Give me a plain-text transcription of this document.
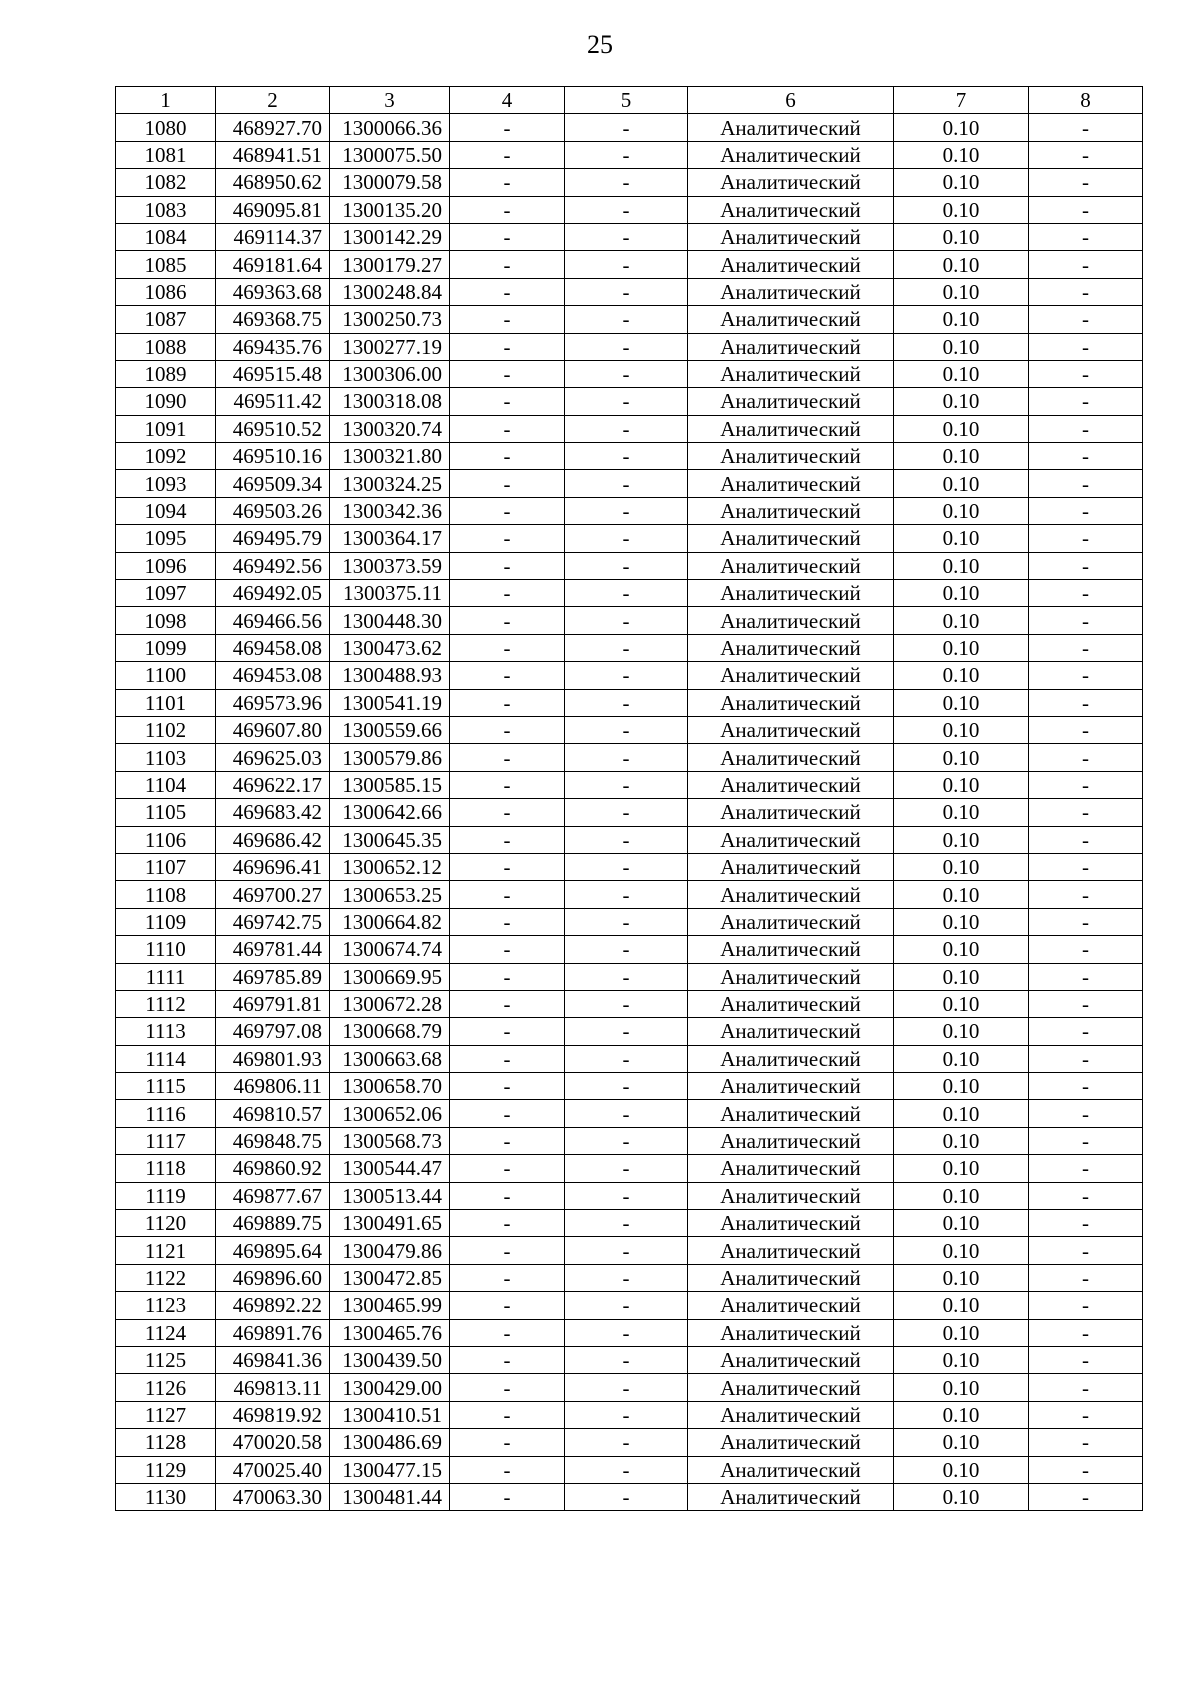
25
1	2	3	4	5	6	7	8
1080	468927.70	1300066.36	-	-	Аналитический	0.10	-
1081	468941.51	1300075.50	-	-	Аналитический	0.10	-
1082	468950.62	1300079.58	-	-	Аналитический	0.10	-
1083	469095.81	1300135.20	-	-	Аналитический	0.10	-
1084	469114.37	1300142.29	-	-	Аналитический	0.10	-
1085	469181.64	1300179.27	-	-	Аналитический	0.10	-
1086	469363.68	1300248.84	-	-	Аналитический	0.10	-
1087	469368.75	1300250.73	-	-	Аналитический	0.10	-
1088	469435.76	1300277.19	-	-	Аналитический	0.10	-
1089	469515.48	1300306.00	-	-	Аналитический	0.10	-
1090	469511.42	1300318.08	-	-	Аналитический	0.10	-
1091	469510.52	1300320.74	-	-	Аналитический	0.10	-
1092	469510.16	1300321.80	-	-	Аналитический	0.10	-
1093	469509.34	1300324.25	-	-	Аналитический	0.10	-
1094	469503.26	1300342.36	-	-	Аналитический	0.10	-
1095	469495.79	1300364.17	-	-	Аналитический	0.10	-
1096	469492.56	1300373.59	-	-	Аналитический	0.10	-
1097	469492.05	1300375.11	-	-	Аналитический	0.10	-
1098	469466.56	1300448.30	-	-	Аналитический	0.10	-
1099	469458.08	1300473.62	-	-	Аналитический	0.10	-
1100	469453.08	1300488.93	-	-	Аналитический	0.10	-
1101	469573.96	1300541.19	-	-	Аналитический	0.10	-
1102	469607.80	1300559.66	-	-	Аналитический	0.10	-
1103	469625.03	1300579.86	-	-	Аналитический	0.10	-
1104	469622.17	1300585.15	-	-	Аналитический	0.10	-
1105	469683.42	1300642.66	-	-	Аналитический	0.10	-
1106	469686.42	1300645.35	-	-	Аналитический	0.10	-
1107	469696.41	1300652.12	-	-	Аналитический	0.10	-
1108	469700.27	1300653.25	-	-	Аналитический	0.10	-
1109	469742.75	1300664.82	-	-	Аналитический	0.10	-
1110	469781.44	1300674.74	-	-	Аналитический	0.10	-
1111	469785.89	1300669.95	-	-	Аналитический	0.10	-
1112	469791.81	1300672.28	-	-	Аналитический	0.10	-
1113	469797.08	1300668.79	-	-	Аналитический	0.10	-
1114	469801.93	1300663.68	-	-	Аналитический	0.10	-
1115	469806.11	1300658.70	-	-	Аналитический	0.10	-
1116	469810.57	1300652.06	-	-	Аналитический	0.10	-
1117	469848.75	1300568.73	-	-	Аналитический	0.10	-
1118	469860.92	1300544.47	-	-	Аналитический	0.10	-
1119	469877.67	1300513.44	-	-	Аналитический	0.10	-
1120	469889.75	1300491.65	-	-	Аналитический	0.10	-
1121	469895.64	1300479.86	-	-	Аналитический	0.10	-
1122	469896.60	1300472.85	-	-	Аналитический	0.10	-
1123	469892.22	1300465.99	-	-	Аналитический	0.10	-
1124	469891.76	1300465.76	-	-	Аналитический	0.10	-
1125	469841.36	1300439.50	-	-	Аналитический	0.10	-
1126	469813.11	1300429.00	-	-	Аналитический	0.10	-
1127	469819.92	1300410.51	-	-	Аналитический	0.10	-
1128	470020.58	1300486.69	-	-	Аналитический	0.10	-
1129	470025.40	1300477.15	-	-	Аналитический	0.10	-
1130	470063.30	1300481.44	-	-	Аналитический	0.10	-
